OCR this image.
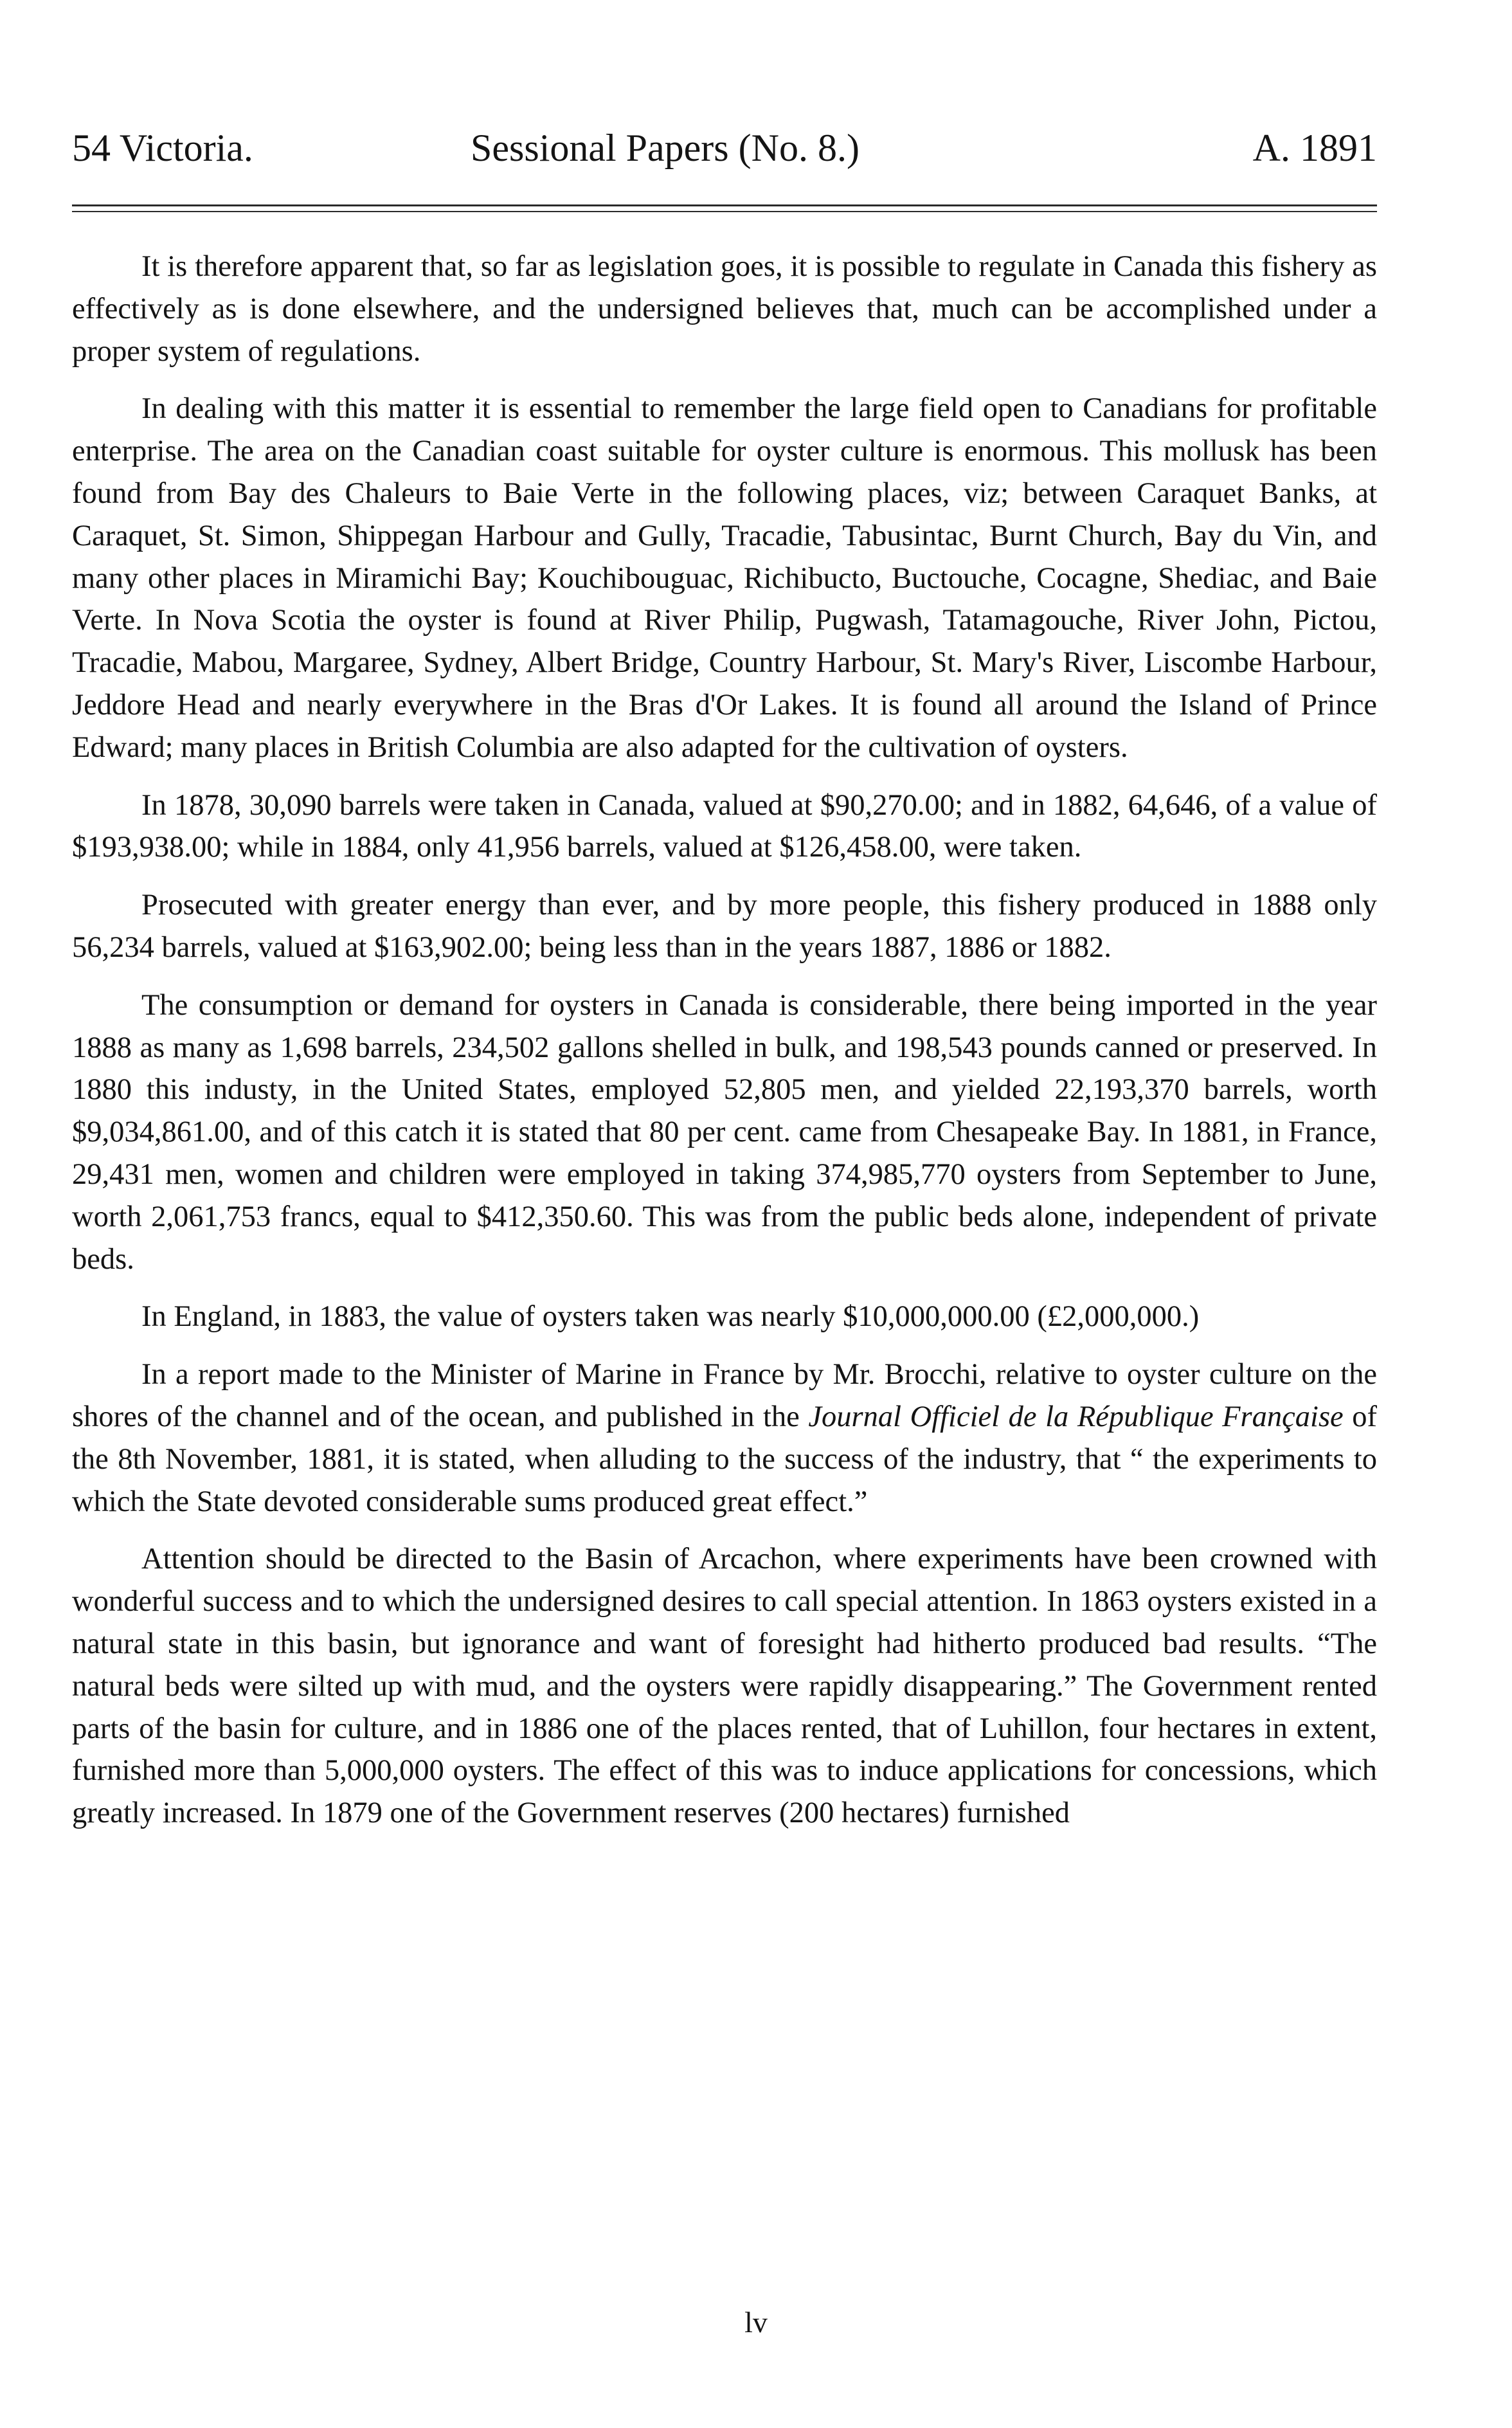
54 Victoria.	Sessional Papers (No. 8.)	A. 1891

It is therefore apparent that, so far as legislation goes, it is possible to regulate in Canada this fishery as effectively as is done elsewhere, and the undersigned believes that, much can be accomplished under a proper system of regulations.

In dealing with this matter it is essential to remember the large field open to Canadians for profitable enterprise. The area on the Canadian coast suitable for oyster culture is enormous. This mollusk has been found from Bay des Chaleurs to Baie Verte in the following places, viz; between Caraquet Banks, at Caraquet, St. Simon, Shippegan Harbour and Gully, Tracadie, Tabusintac, Burnt Church, Bay du Vin, and many other places in Miramichi Bay; Kouchibouguac, Richibucto, Buctouche, Cocagne, Shediac, and Baie Verte. In Nova Scotia the oyster is found at River Philip, Pugwash, Tatamagouche, River John, Pictou, Tracadie, Mabou, Margaree, Sydney, Albert Bridge, Country Harbour, St. Mary's River, Liscombe Harbour, Jeddore Head and nearly everywhere in the Bras d'Or Lakes. It is found all around the Island of Prince Edward; many places in British Columbia are also adapted for the cultivation of oysters.

In 1878, 30,090 barrels were taken in Canada, valued at $90,270.00; and in 1882, 64,646, of a value of $193,938.00; while in 1884, only 41,956 barrels, valued at $126,458.00, were taken.

Prosecuted with greater energy than ever, and by more people, this fishery produced in 1888 only 56,234 barrels, valued at $163,902.00; being less than in the years 1887, 1886 or 1882.

The consumption or demand for oysters in Canada is considerable, there being imported in the year 1888 as many as 1,698 barrels, 234,502 gallons shelled in bulk, and 198,543 pounds canned or preserved. In 1880 this industy, in the United States, employed 52,805 men, and yielded 22,193,370 barrels, worth $9,034,861.00, and of this catch it is stated that 80 per cent. came from Chesapeake Bay. In 1881, in France, 29,431 men, women and children were employed in taking 374,985,770 oysters from September to June, worth 2,061,753 francs, equal to $412,350.60. This was from the public beds alone, independent of private beds.

In England, in 1883, the value of oysters taken was nearly $10,000,000.00 (£2,000,000.)

In a report made to the Minister of Marine in France by Mr. Brocchi, relative to oyster culture on the shores of the channel and of the ocean, and published in the Journal Officiel de la République Française of the 8th November, 1881, it is stated, when alluding to the success of the industry, that “ the experiments to which the State devoted considerable sums produced great effect.”

Attention should be directed to the Basin of Arcachon, where experiments have been crowned with wonderful success and to which the undersigned desires to call special attention. In 1863 oysters existed in a natural state in this basin, but ignorance and want of foresight had hitherto produced bad results. “The natural beds were silted up with mud, and the oysters were rapidly disappearing.” The Government rented parts of the basin for culture, and in 1886 one of the places rented, that of Luhillon, four hectares in extent, furnished more than 5,000,000 oysters. The effect of this was to induce applications for concessions, which greatly increased. In 1879 one of the Government reserves (200 hectares) furnished

lv
